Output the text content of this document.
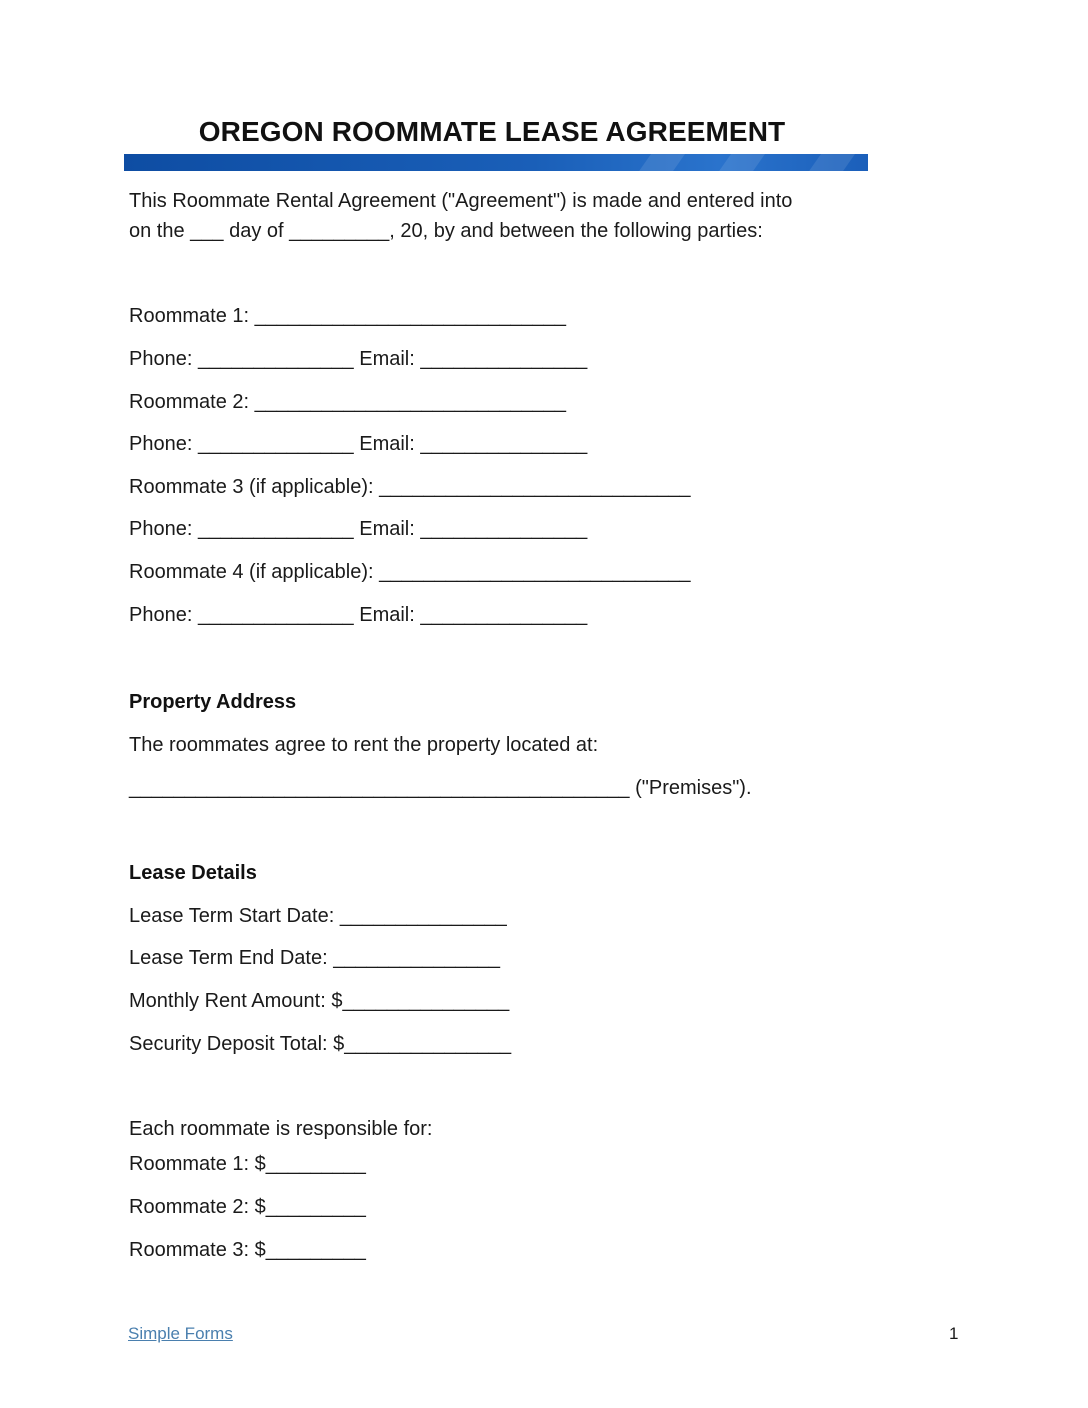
OREGON ROOMMATE LEASE AGREEMENT
This Roommate Rental Agreement ("Agreement") is made and entered into
on the ___ day of _________, 20, by and between the following parties:
Roommate 1: ____________________________
Phone: ______________ Email: _______________
Roommate 2: ____________________________
Phone: ______________ Email: _______________
Roommate 3 (if applicable): ____________________________
Phone: ______________ Email: _______________
Roommate 4 (if applicable): ____________________________
Phone: ______________ Email: _______________
Property Address
The roommates agree to rent the property located at:
_____________________________________________ ("Premises").
Lease Details
Lease Term Start Date: _______________
Lease Term End Date: _______________
Monthly Rent Amount: $_______________
Security Deposit Total: $_______________
Each roommate is responsible for:
Roommate 1: $_________
Roommate 2: $_________
Roommate 3: $_________
Simple Forms	1
